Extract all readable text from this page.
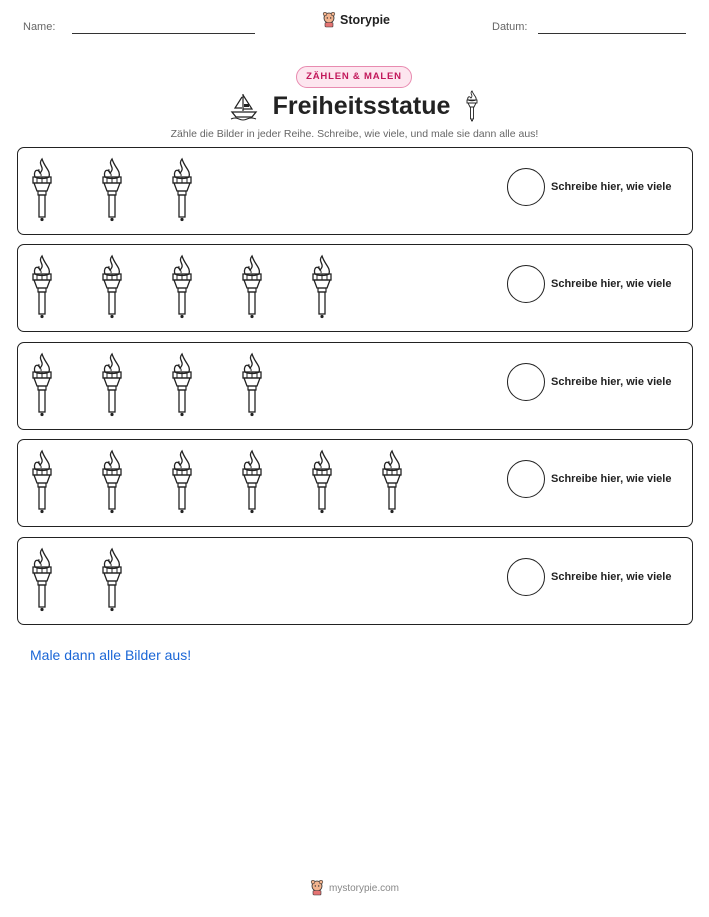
Name:	Datum:
Storypie
ZÄHLEN & MALEN
Freiheitsstatue
Zähle die Bilder in jeder Reihe. Schreibe, wie viele, und male sie dann alle aus!
Schreibe hier, wie viele
Schreibe hier, wie viele
Schreibe hier, wie viele
Schreibe hier, wie viele
Schreibe hier, wie viele
Male dann alle Bilder aus!
mystorypie.com
